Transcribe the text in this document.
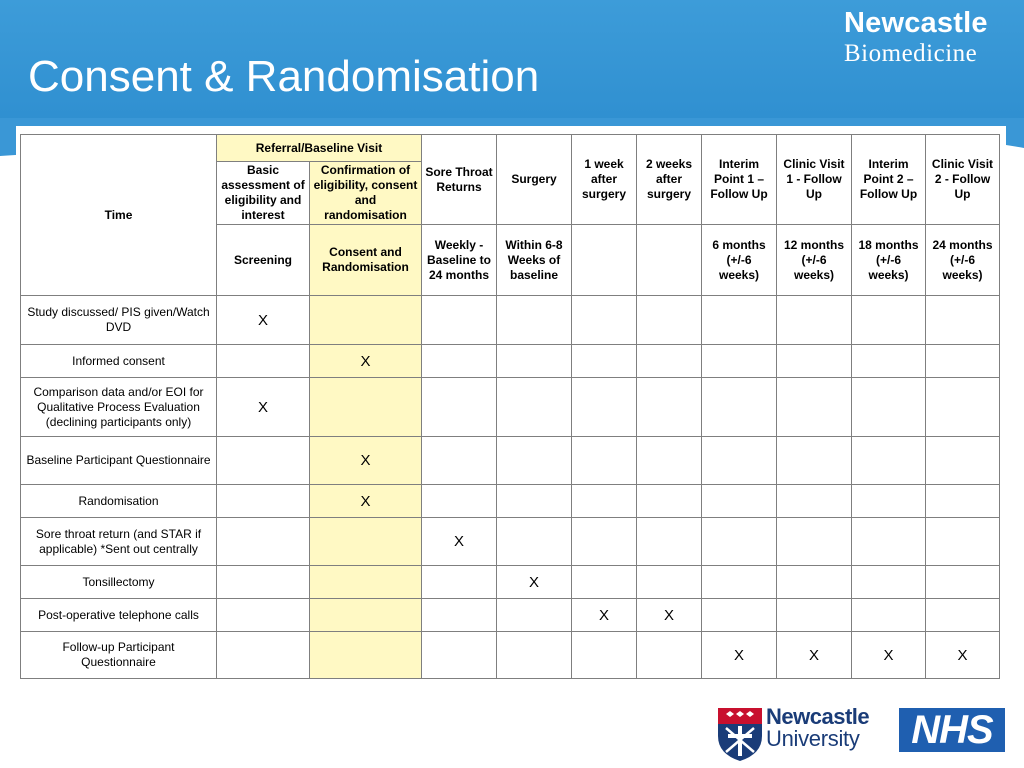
Consent & Randomisation
Newcastle
Biomedicine
Time	Referral/Baseline Visit		Sore Throat Returns	Surgery	1 week after surgery	2 weeks after surgery	Interim Point 1 – Follow Up	Clinic Visit 1 - Follow Up	Interim Point 2 – Follow Up	Clinic Visit 2 - Follow Up
	Basic assessment of eligibility and interest	Confirmation of eligibility, consent and randomisation								
	Screening	Consent and Randomisation	Weekly - Baseline to 24 months	Within 6-8 Weeks of baseline			6 months (+/-6 weeks)	12 months (+/-6 weeks)	18 months (+/-6 weeks)	24 months (+/-6 weeks)
Study discussed/ PIS given/Watch DVD	X									
Informed consent		X								
Comparison data and/or EOI for Qualitative Process Evaluation (declining participants only)	X									
Baseline Participant Questionnaire		X								
Randomisation		X								
Sore throat return (and STAR if applicable) *Sent out centrally			X							
Tonsillectomy				X						
Post-operative telephone calls					X	X				
Follow-up Participant Questionnaire							X	X	X	X
Newcastle
University	NHS
